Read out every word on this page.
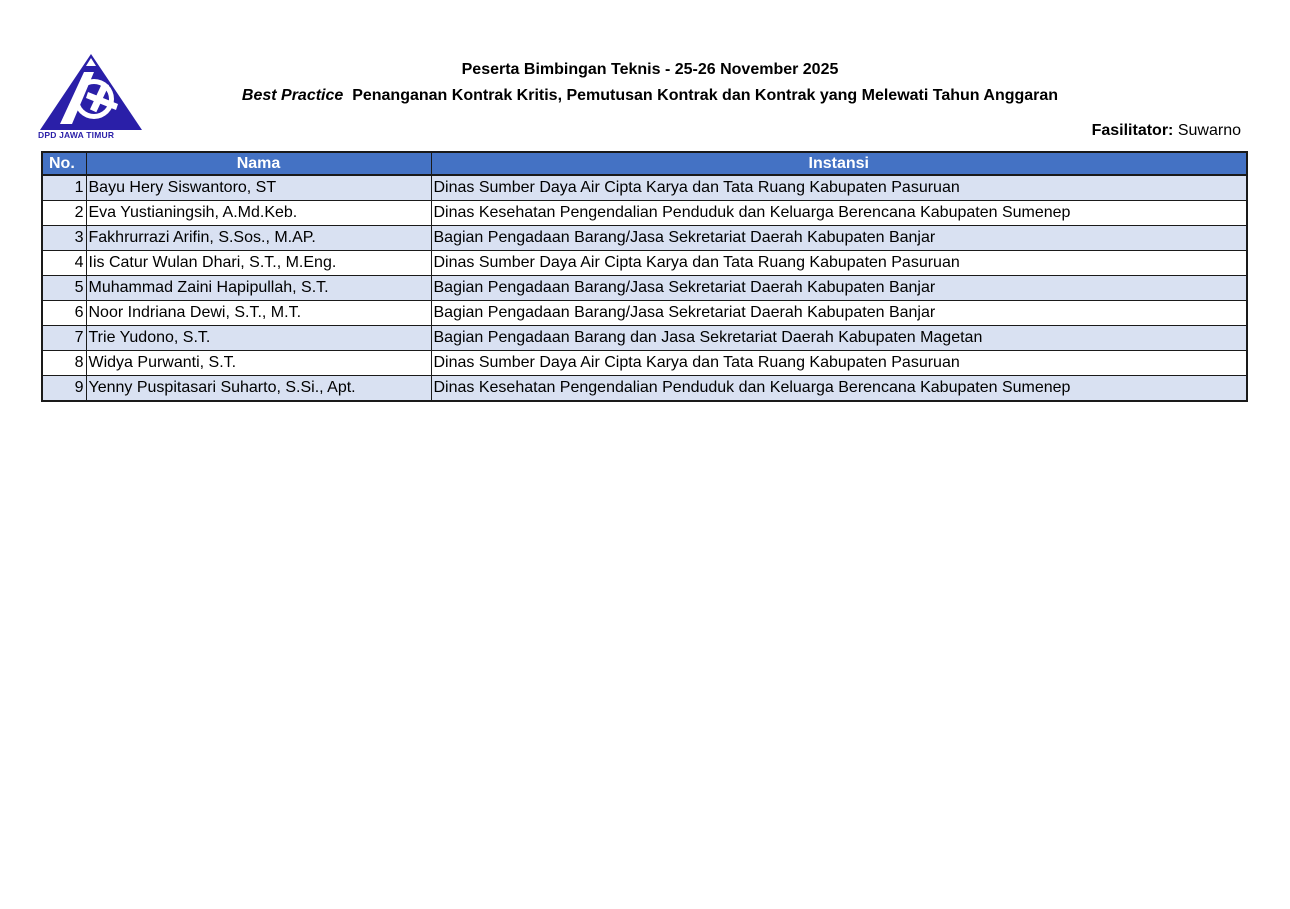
DPD JAWA TIMUR
Peserta Bimbingan Teknis - 25-26 November 2025
Best Practice Penanganan Kontrak Kritis, Pemutusan Kontrak dan Kontrak yang Melewati Tahun Anggaran
Fasilitator: Suwarno
No.	Nama	Instansi
1	Bayu Hery Siswantoro, ST	Dinas Sumber Daya Air Cipta Karya dan Tata Ruang Kabupaten Pasuruan
2	Eva Yustianingsih, A.Md.Keb.	Dinas Kesehatan Pengendalian Penduduk dan Keluarga Berencana Kabupaten Sumenep
3	Fakhrurrazi Arifin, S.Sos., M.AP.	Bagian Pengadaan Barang/Jasa Sekretariat Daerah Kabupaten Banjar
4	Iis Catur Wulan Dhari, S.T., M.Eng.	Dinas Sumber Daya Air Cipta Karya dan Tata Ruang Kabupaten Pasuruan
5	Muhammad Zaini Hapipullah, S.T.	Bagian Pengadaan Barang/Jasa Sekretariat Daerah Kabupaten Banjar
6	Noor Indriana Dewi, S.T., M.T.	Bagian Pengadaan Barang/Jasa Sekretariat Daerah Kabupaten Banjar
7	Trie Yudono, S.T.	Bagian Pengadaan Barang dan Jasa Sekretariat Daerah Kabupaten Magetan
8	Widya Purwanti, S.T.	Dinas Sumber Daya Air Cipta Karya dan Tata Ruang Kabupaten Pasuruan
9	Yenny Puspitasari Suharto, S.Si., Apt.	Dinas Kesehatan Pengendalian Penduduk dan Keluarga Berencana Kabupaten Sumenep
